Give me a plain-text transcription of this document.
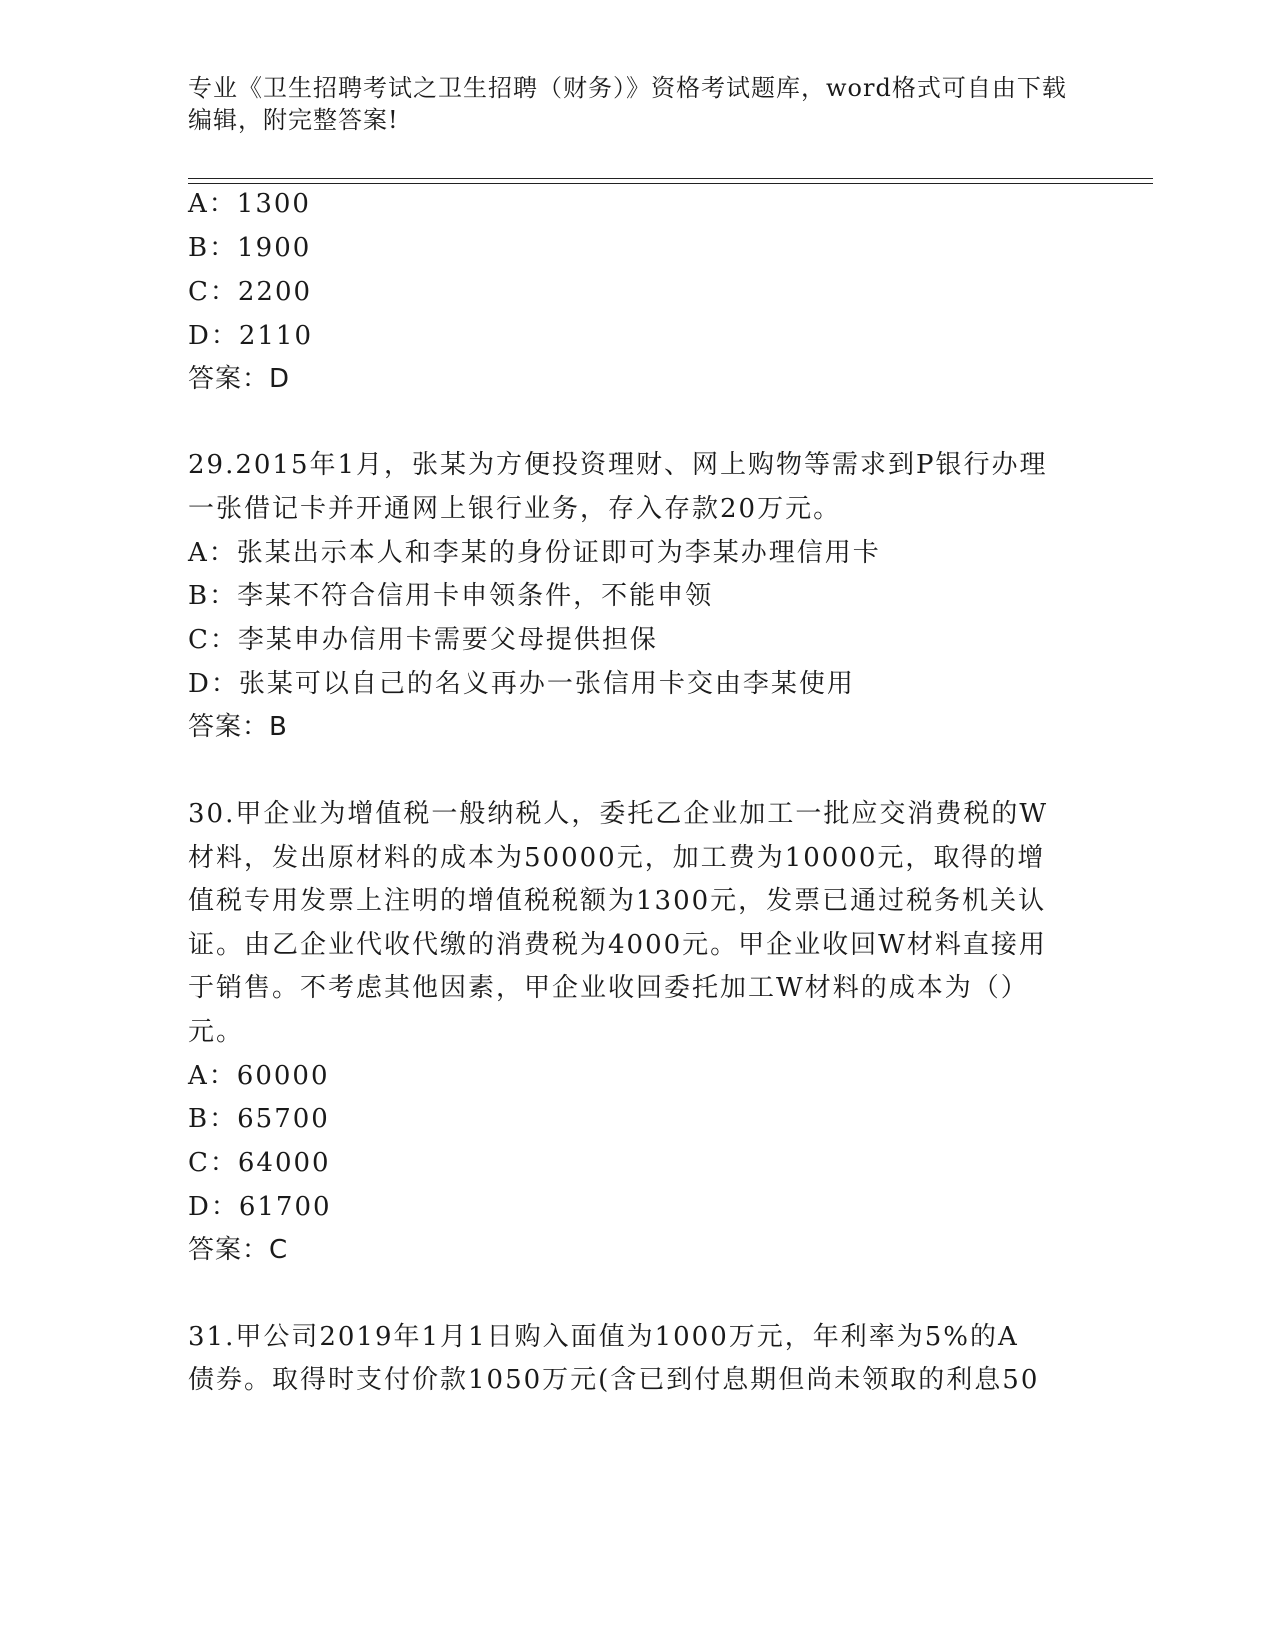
专业《卫生招聘考试之卫生招聘（财务）》资格考试题库，word格式可自由下载
编辑，附完整答案!
A：1300
B：1900
C：2200
D：2110
答案：D
29.2015年1月，张某为方便投资理财、网上购物等需求到P银行办理
一张借记卡并开通网上银行业务，存入存款20万元。
A：张某出示本人和李某的身份证即可为李某办理信用卡
B：李某不符合信用卡申领条件，不能申领
C：李某申办信用卡需要父母提供担保
D：张某可以自己的名义再办一张信用卡交由李某使用
答案：B
30.甲企业为增值税一般纳税人，委托乙企业加工一批应交消费税的W
材料，发出原材料的成本为50000元，加工费为10000元，取得的增
值税专用发票上注明的增值税税额为1300元，发票已通过税务机关认
证。由乙企业代收代缴的消费税为4000元。甲企业收回W材料直接用
于销售。不考虑其他因素，甲企业收回委托加工W材料的成本为（）
元。
A：60000
B：65700
C：64000
D：61700
答案：C
31.甲公司2019年1月1日购入面值为1000万元，年利率为5%的A
债券。取得时支付价款1050万元(含已到付息期但尚未领取的利息50
